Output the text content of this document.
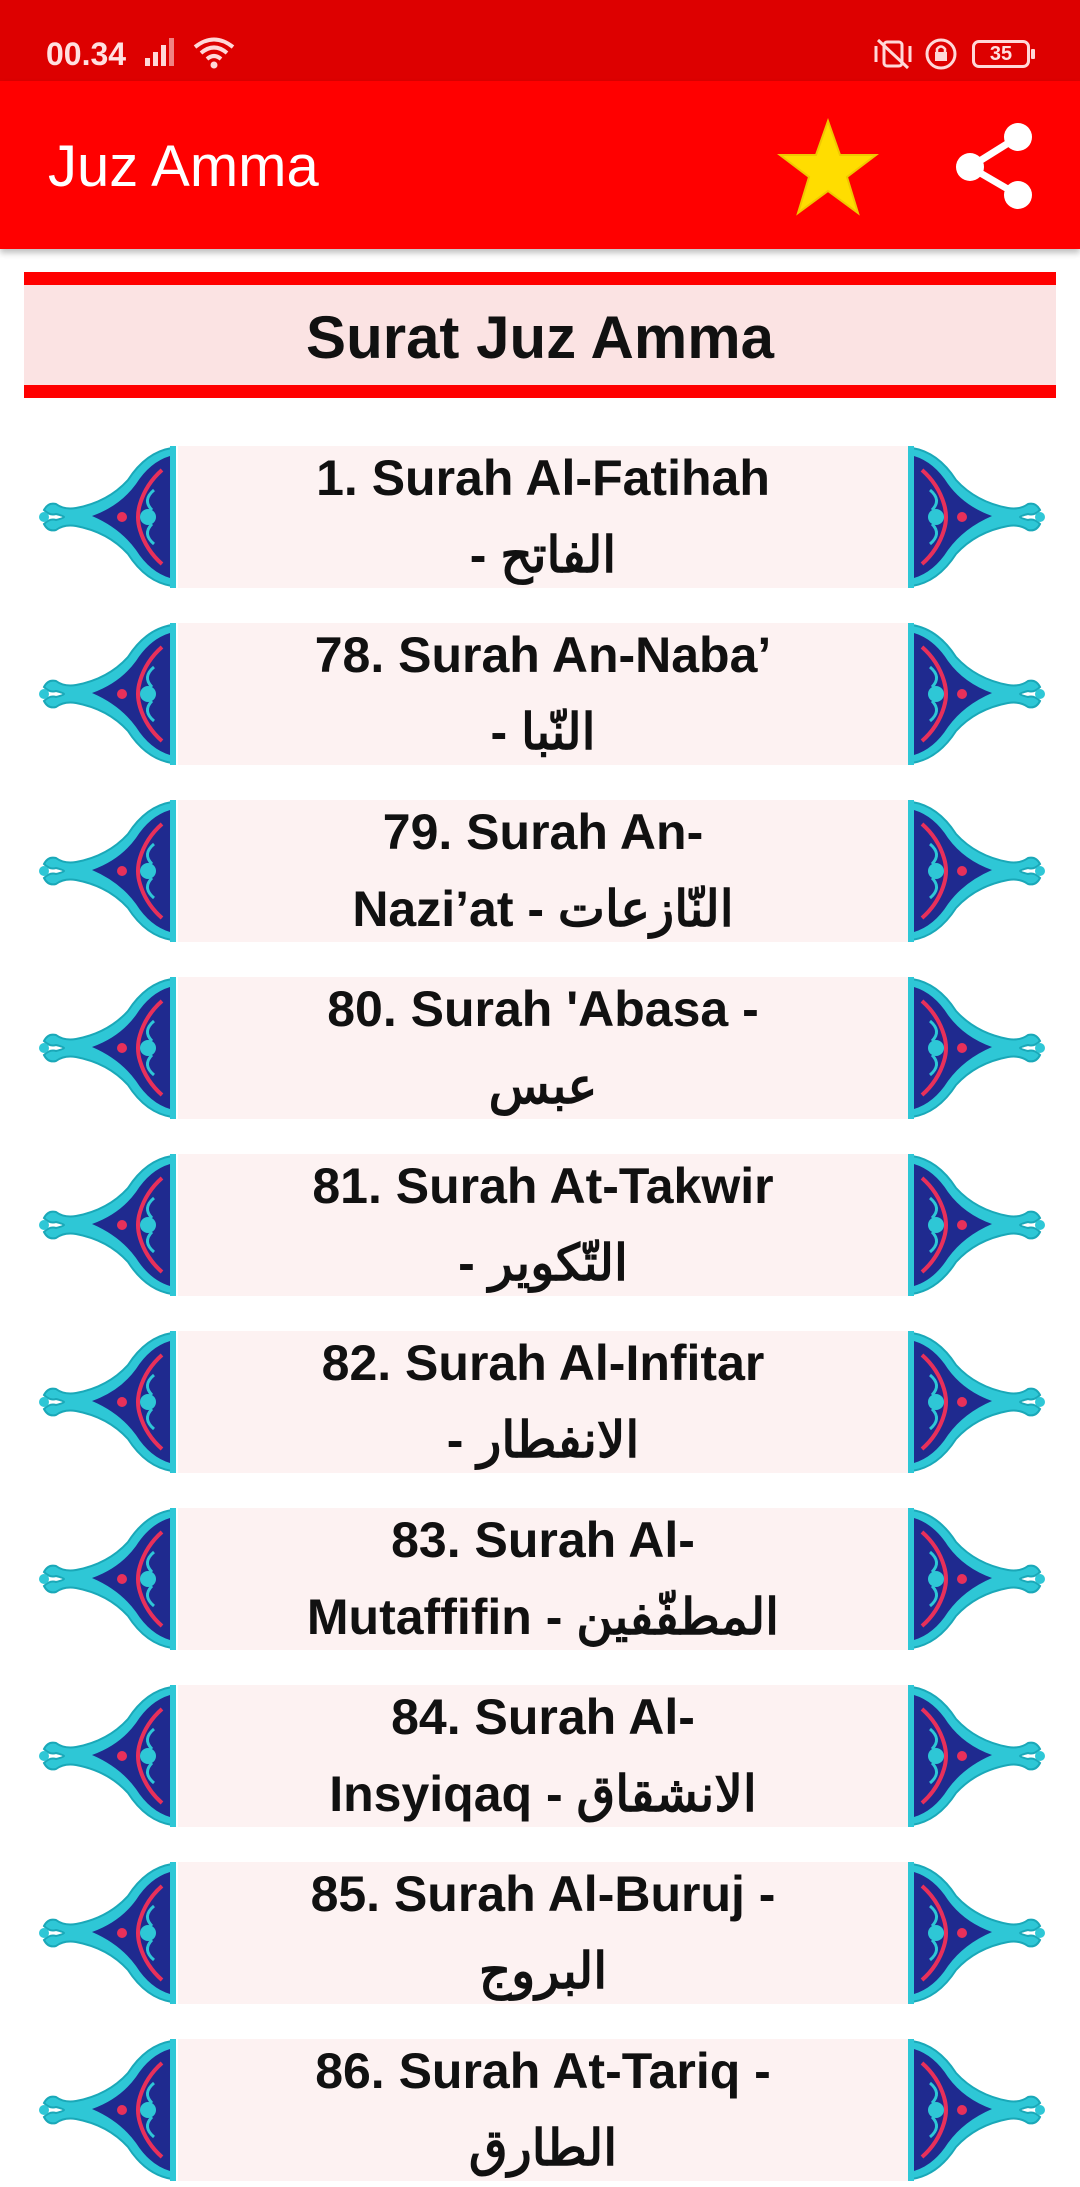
00.34	35
Juz Amma
Surat Juz Amma
1. Surah Al-Fatihah
- الفاتح
78. Surah An-Naba’
- النّبا
79. Surah An-
Nazi’at - النّازعات
80. Surah 'Abasa -
عبس
81. Surah At-Takwir
- التّكوير
82. Surah Al-Infitar
- الانفطار
83. Surah Al-
Mutaffifin - المطفّفين
84. Surah Al-
Insyiqaq - الانشقاق
85. Surah Al-Buruj -
البروج
86. Surah At-Tariq -
الطارق
